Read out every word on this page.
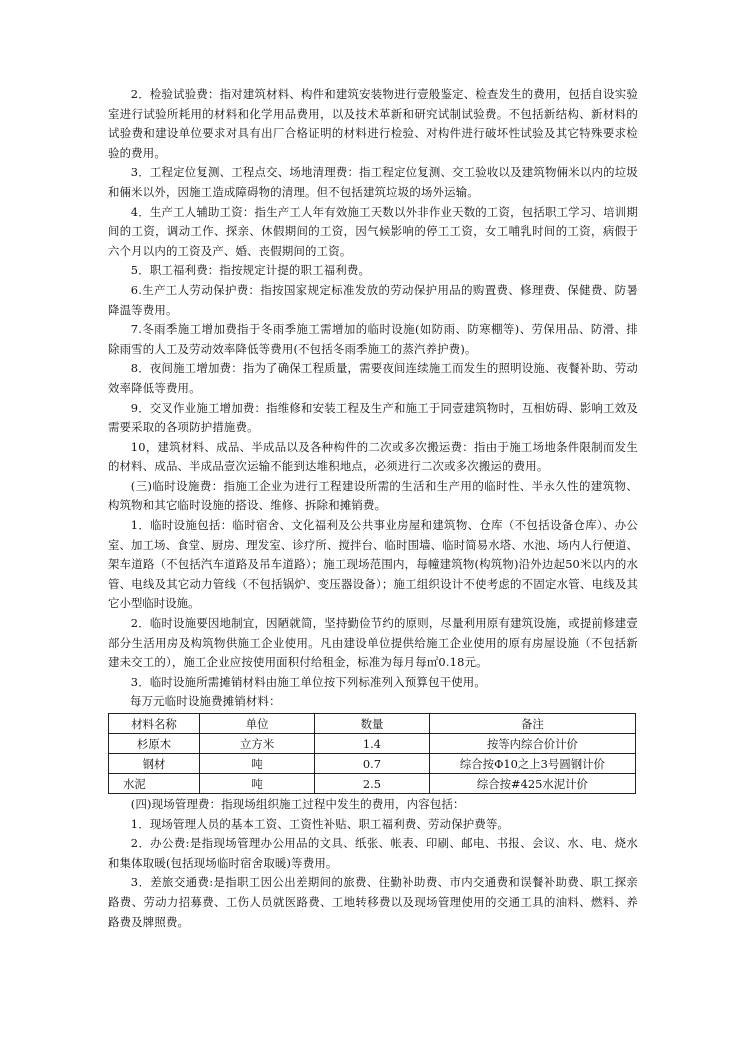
2．检验试验费：指对建筑材料、构件和建筑安装物进行壹般鉴定、检查发生的费用，包括自设实验室进行试验所耗用的材料和化学用品费用，以及技术革新和研究试制试验费。不包括新结构、新材料的试验费和建设单位要求对具有出厂合格证明的材料进行检验、对构件进行破坏性试验及其它特殊要求检验的费用。

3．工程定位复测、工程点交、场地清理费：指工程定位复测、交工验收以及建筑物倆米以内的垃圾和倆米以外，因施工造成障碍物的清理。但不包括建筑垃圾的场外运输。

4．生产工人辅助工资：指生产工人年有效施工天数以外非作业天数的工资，包括职工学习、培训期间的工资，调动工作、探亲、休假期间的工资，因气候影响的停工工资，女工哺乳时间的工资，病假于六个月以内的工资及产、婚、丧假期间的工资。

5．职工福利费：指按规定计提的职工福利费。

6.生产工人劳动保护费：指按国家规定标准发放的劳动保护用品的购置费、修理费、保健费、防暑降温等费用。

7.冬雨季施工增加费指于冬雨季施工需增加的临时设施(如防雨、防寒棚等)、劳保用品、防滑、排除雨雪的人工及劳动效率降低等费用(不包括冬雨季施工的蒸汽养护费)。

8．夜间施工增加费：指为了确保工程质量，需要夜间连续施工而发生的照明设施、夜餐补助、劳动效率降低等费用。

9．交叉作业施工增加费：指维修和安装工程及生产和施工于同壹建筑物时，互相妨碍、影响工效及需要采取的各项防护措施费。

10，建筑材料、成品、半成品以及各种构件的二次或多次搬运费：指由于施工场地条件限制而发生的材料、成品、半成品壹次运输不能到达堆积地点，必须进行二次或多次搬运的费用。

(三)临时设施费：指施工企业为进行工程建设所需的生活和生产用的临时性、半永久性的建筑物、构筑物和其它临时设施的搭设、维修、拆除和摊销费。

1．临时设施包括：临时宿舍、文化福利及公共事业房屋和建筑物、仓库（不包括设备仓库）、办公室、加工场、食堂、厨房、理发室、诊疗所、搅拌台、临时围墙、临时简易水塔、水池、场内人行便道、架车道路（不包括汽车道路及吊车道路）；施工现场范围内，每幢建筑物(构筑物)沿外边起50米以内的水管、电线及其它动力管线（不包括锅炉、变压器设备）；施工组织设计不使考虑的不固定水管、电线及其它小型临时设施。

2．临时设施要因地制宜，因陋就简，坚持勤俭节约的原则，尽量利用原有建筑设施，或提前修建壹部分生活用房及构筑物供施工企业使用。凡由建设单位提供给施工企业使用的原有房屋设施（不包括新建未交工的），施工企业应按使用面积付给租金，标准为每月每㎡0.18元。

3．临时设施所需摊销材料由施工单位按下列标准列入预算包干使用。

每万元临时设施费摊销材料：

材料名称	单位	数量	备注
杉原木	立方米	1.4	按等内综合价计价
钢材	吨	0.7	综合按Φ10之上3号圆钢计价
水泥	吨	2.5	综合按#425水泥计价

(四)现场管理费：指现场组织施工过程中发生的费用，内容包括：

1．现场管理人员的基本工资、工资性补贴、职工福利费、劳动保护费等。

2．办公费:是指现场管理办公用品的文具、纸张、帐表、印刷、邮电、书报、会议、水、电、烧水和集体取暖(包括现场临时宿舍取暖)等费用。

3．差旅交通费:是指职工因公出差期间的旅费、住勤补助费、市内交通费和误餐补助费、职工探亲路费、劳动力招募费、工伤人员就医路费、工地转移费以及现场管理使用的交通工具的油料、燃料、养路费及牌照费。
